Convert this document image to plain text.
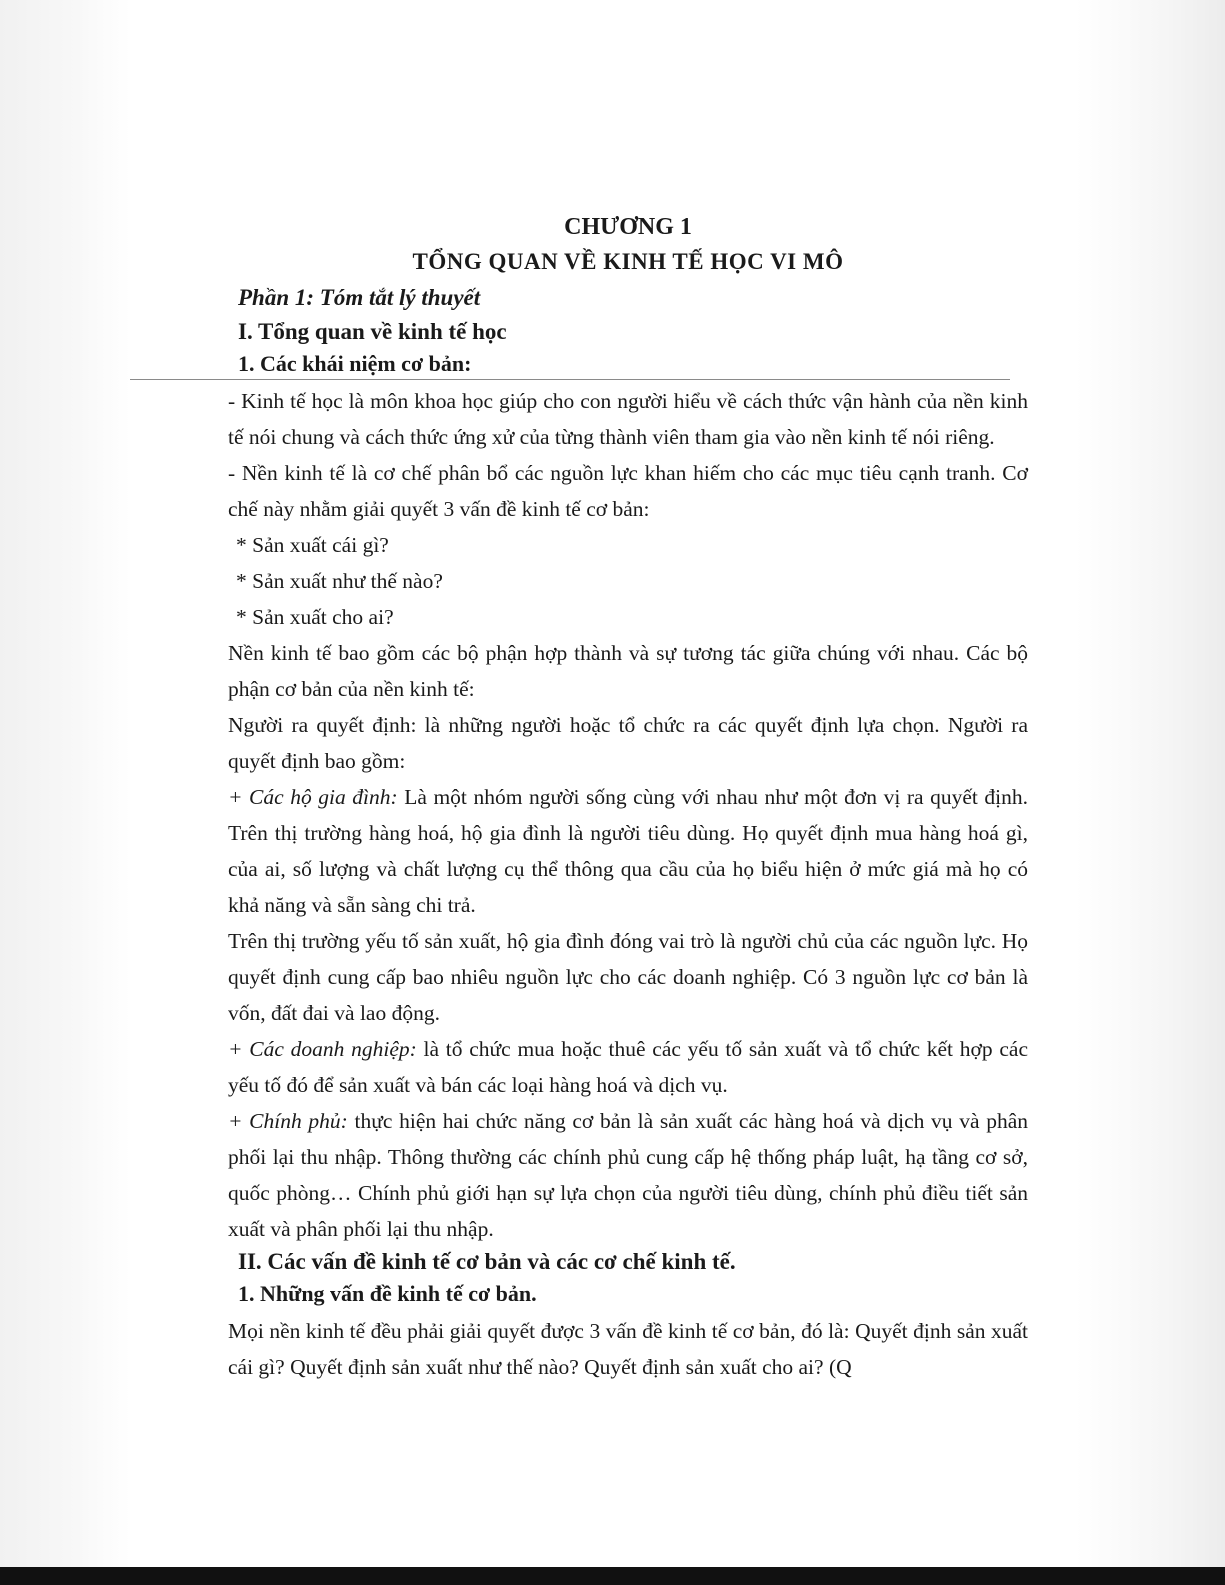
CHƯƠNG 1
TỔNG QUAN VỀ KINH TẾ HỌC VI MÔ
Phần 1: Tóm tắt lý thuyết
I. Tổng quan về kinh tế học
1. Các khái niệm cơ bản:

- Kinh tế học là môn khoa học giúp cho con người hiểu về cách thức vận hành của nền kinh tế nói chung và cách thức ứng xử của từng thành viên tham gia vào nền kinh tế nói riêng.

- Nền kinh tế là cơ chế phân bổ các nguồn lực khan hiếm cho các mục tiêu cạnh tranh. Cơ chế này nhằm giải quyết 3 vấn đề kinh tế cơ bản:

* Sản xuất cái gì?

* Sản xuất như thế nào?

* Sản xuất cho ai?

Nền kinh tế bao gồm các bộ phận hợp thành và sự tương tác giữa chúng với nhau. Các bộ phận cơ bản của nền kinh tế:

Người ra quyết định: là những người hoặc tổ chức ra các quyết định lựa chọn. Người ra quyết định bao gồm:

+ Các hộ gia đình: Là một nhóm người sống cùng với nhau như một đơn vị ra quyết định. Trên thị trường hàng hoá, hộ gia đình là người tiêu dùng. Họ quyết định mua hàng hoá gì, của ai, số lượng và chất lượng cụ thể thông qua cầu của họ biểu hiện ở mức giá mà họ có khả năng và sẵn sàng chi trả.

Trên thị trường yếu tố sản xuất, hộ gia đình đóng vai trò là người chủ của các nguồn lực. Họ quyết định cung cấp bao nhiêu nguồn lực cho các doanh nghiệp. Có 3 nguồn lực cơ bản là vốn, đất đai và lao động.

+ Các doanh nghiệp: là tổ chức mua hoặc thuê các yếu tố sản xuất và tổ chức kết hợp các yếu tố đó để sản xuất và bán các loại hàng hoá và dịch vụ.

+ Chính phủ: thực hiện hai chức năng cơ bản là sản xuất các hàng hoá và dịch vụ và phân phối lại thu nhập. Thông thường các chính phủ cung cấp hệ thống pháp luật, hạ tầng cơ sở, quốc phòng… Chính phủ giới hạn sự lựa chọn của người tiêu dùng, chính phủ điều tiết sản xuất và phân phối lại thu nhập.

II. Các vấn đề kinh tế cơ bản và các cơ chế kinh tế.
1. Những vấn đề kinh tế cơ bản.

Mọi nền kinh tế đều phải giải quyết được 3 vấn đề kinh tế cơ bản, đó là: Quyết định sản xuất cái gì? Quyết định sản xuất như thế nào? Quyết định sản xuất cho ai? (Q
